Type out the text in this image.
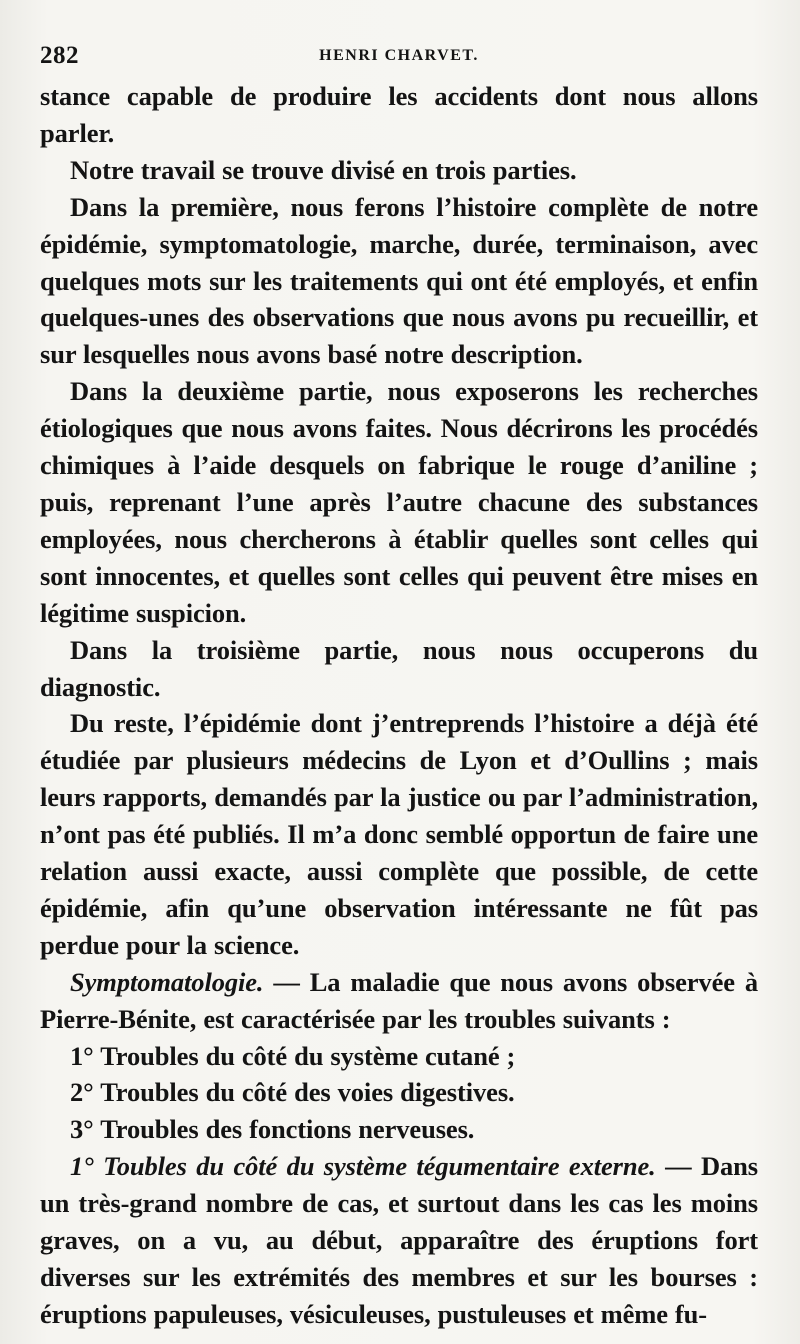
282	HENRI CHARVET.

stance capable de produire les accidents dont nous allons parler.

Notre travail se trouve divisé en trois parties.

Dans la première, nous ferons l’histoire complète de notre épidémie, symptomatologie, marche, durée, terminaison, avec quelques mots sur les traitements qui ont été employés, et enfin quelques-unes des observations que nous avons pu recueillir, et sur lesquelles nous avons basé notre description.

Dans la deuxième partie, nous exposerons les recherches étiologiques que nous avons faites. Nous décrirons les procédés chimiques à l’aide desquels on fabrique le rouge d’aniline ; puis, reprenant l’une après l’autre chacune des substances employées, nous chercherons à établir quelles sont celles qui sont innocentes, et quelles sont celles qui peuvent être mises en légitime suspicion.

Dans la troisième partie, nous nous occuperons du diagnostic.

Du reste, l’épidémie dont j’entreprends l’histoire a déjà été étudiée par plusieurs médecins de Lyon et d’Oullins ; mais leurs rapports, demandés par la justice ou par l’administration, n’ont pas été publiés. Il m’a donc semblé opportun de faire une relation aussi exacte, aussi complète que possible, de cette épidémie, afin qu’une observation intéressante ne fût pas perdue pour la science.

Symptomatologie. — La maladie que nous avons observée à Pierre-Bénite, est caractérisée par les troubles suivants :

1° Troubles du côté du système cutané ;

2° Troubles du côté des voies digestives.

3° Troubles des fonctions nerveuses.

1° Toubles du côté du système tégumentaire externe. — Dans un très-grand nombre de cas, et surtout dans les cas les moins graves, on a vu, au début, apparaître des éruptions fort diverses sur les extrémités des membres et sur les bourses : éruptions papuleuses, vésiculeuses, pustuleuses et même fu-
